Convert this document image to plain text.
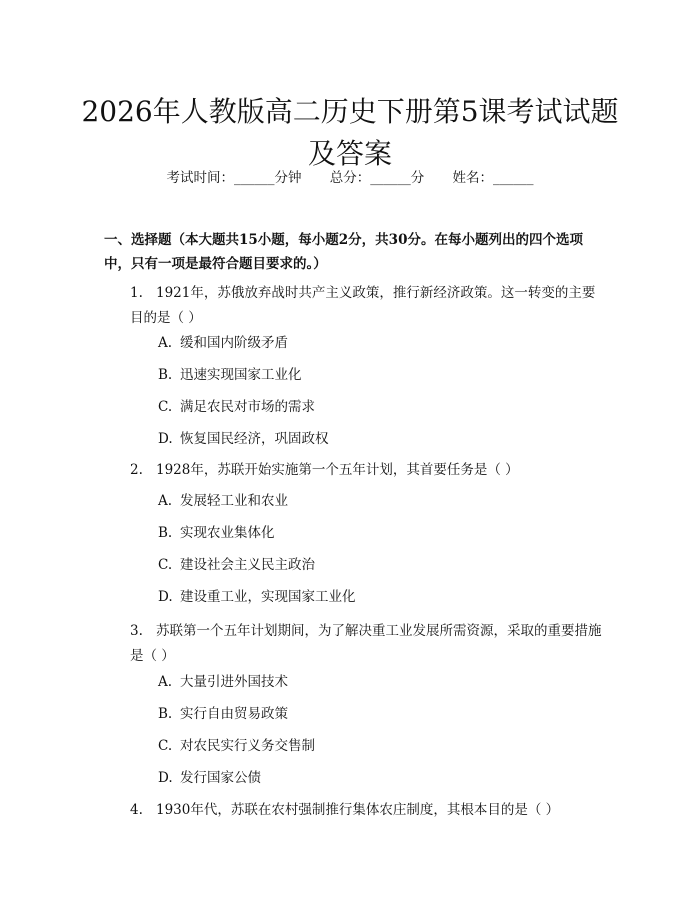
2026年人教版高二历史下册第5课考试试题
及答案
考试时间：______分钟 总分：______分 姓名：______
一、选择题（本大题共15小题，每小题2分，共30分。在每小题列出的四个选项中，只有一项是最符合题目要求的。）
1. 1921年，苏俄放弃战时共产主义政策，推行新经济政策。这一转变的主要目的是（ ）
A. 缓和国内阶级矛盾
B. 迅速实现国家工业化
C. 满足农民对市场的需求
D. 恢复国民经济，巩固政权
2. 1928年，苏联开始实施第一个五年计划，其首要任务是（ ）
A. 发展轻工业和农业
B. 实现农业集体化
C. 建设社会主义民主政治
D. 建设重工业，实现国家工业化
3. 苏联第一个五年计划期间，为了解决重工业发展所需资源，采取的重要措施是（ ）
A. 大量引进外国技术
B. 实行自由贸易政策
C. 对农民实行义务交售制
D. 发行国家公债
4. 1930年代，苏联在农村强制推行集体农庄制度，其根本目的是（ ）
